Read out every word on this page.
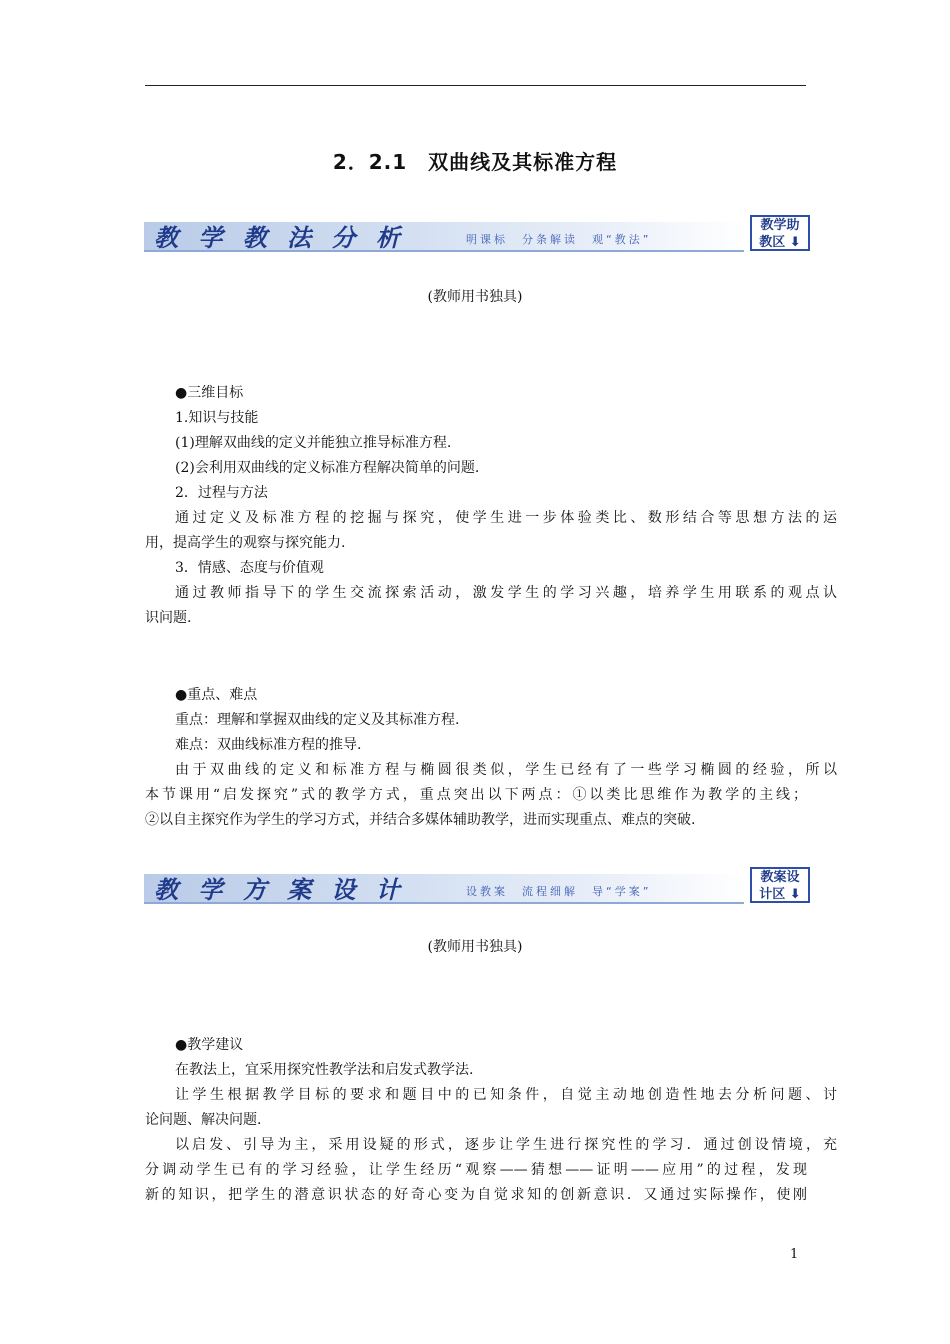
2．2.1　双曲线及其标准方程
教 学 教 法 分 析	明课标　分条解读　观“教法”
教学助
教区 ⬇
(教师用书独具)
●三维目标
1.知识与技能
(1)理解双曲线的定义并能独立推导标准方程.
(2)会利用双曲线的定义标准方程解决简单的问题.
2．过程与方法
通过定义及标准方程的挖掘与探究，使学生进一步体验类比、数形结合等思想方法的运
用，提高学生的观察与探究能力.
3．情感、态度与价值观
通过教师指导下的学生交流探索活动，激发学生的学习兴趣，培养学生用联系的观点认
识问题.
●重点、难点
重点：理解和掌握双曲线的定义及其标准方程.
难点：双曲线标准方程的推导.
由于双曲线的定义和标准方程与椭圆很类似，学生已经有了一些学习椭圆的经验，所以
本节课用“启发探究”式的教学方式，重点突出以下两点：①以类比思维作为教学的主线；
②以自主探究作为学生的学习方式，并结合多媒体辅助教学，进而实现重点、难点的突破.
教 学 方 案 设 计	设教案　流程细解　导“学案”
教案设
计区 ⬇
(教师用书独具)
●教学建议
在教法上，宜采用探究性教学法和启发式教学法.
让学生根据教学目标的要求和题目中的已知条件，自觉主动地创造性地去分析问题、讨
论问题、解决问题.
以启发、引导为主，采用设疑的形式，逐步让学生进行探究性的学习．通过创设情境，充
分调动学生已有的学习经验，让学生经历“观察——猜想——证明——应用”的过程，发现
新的知识，把学生的潜意识状态的好奇心变为自觉求知的创新意识．又通过实际操作，使刚
1
